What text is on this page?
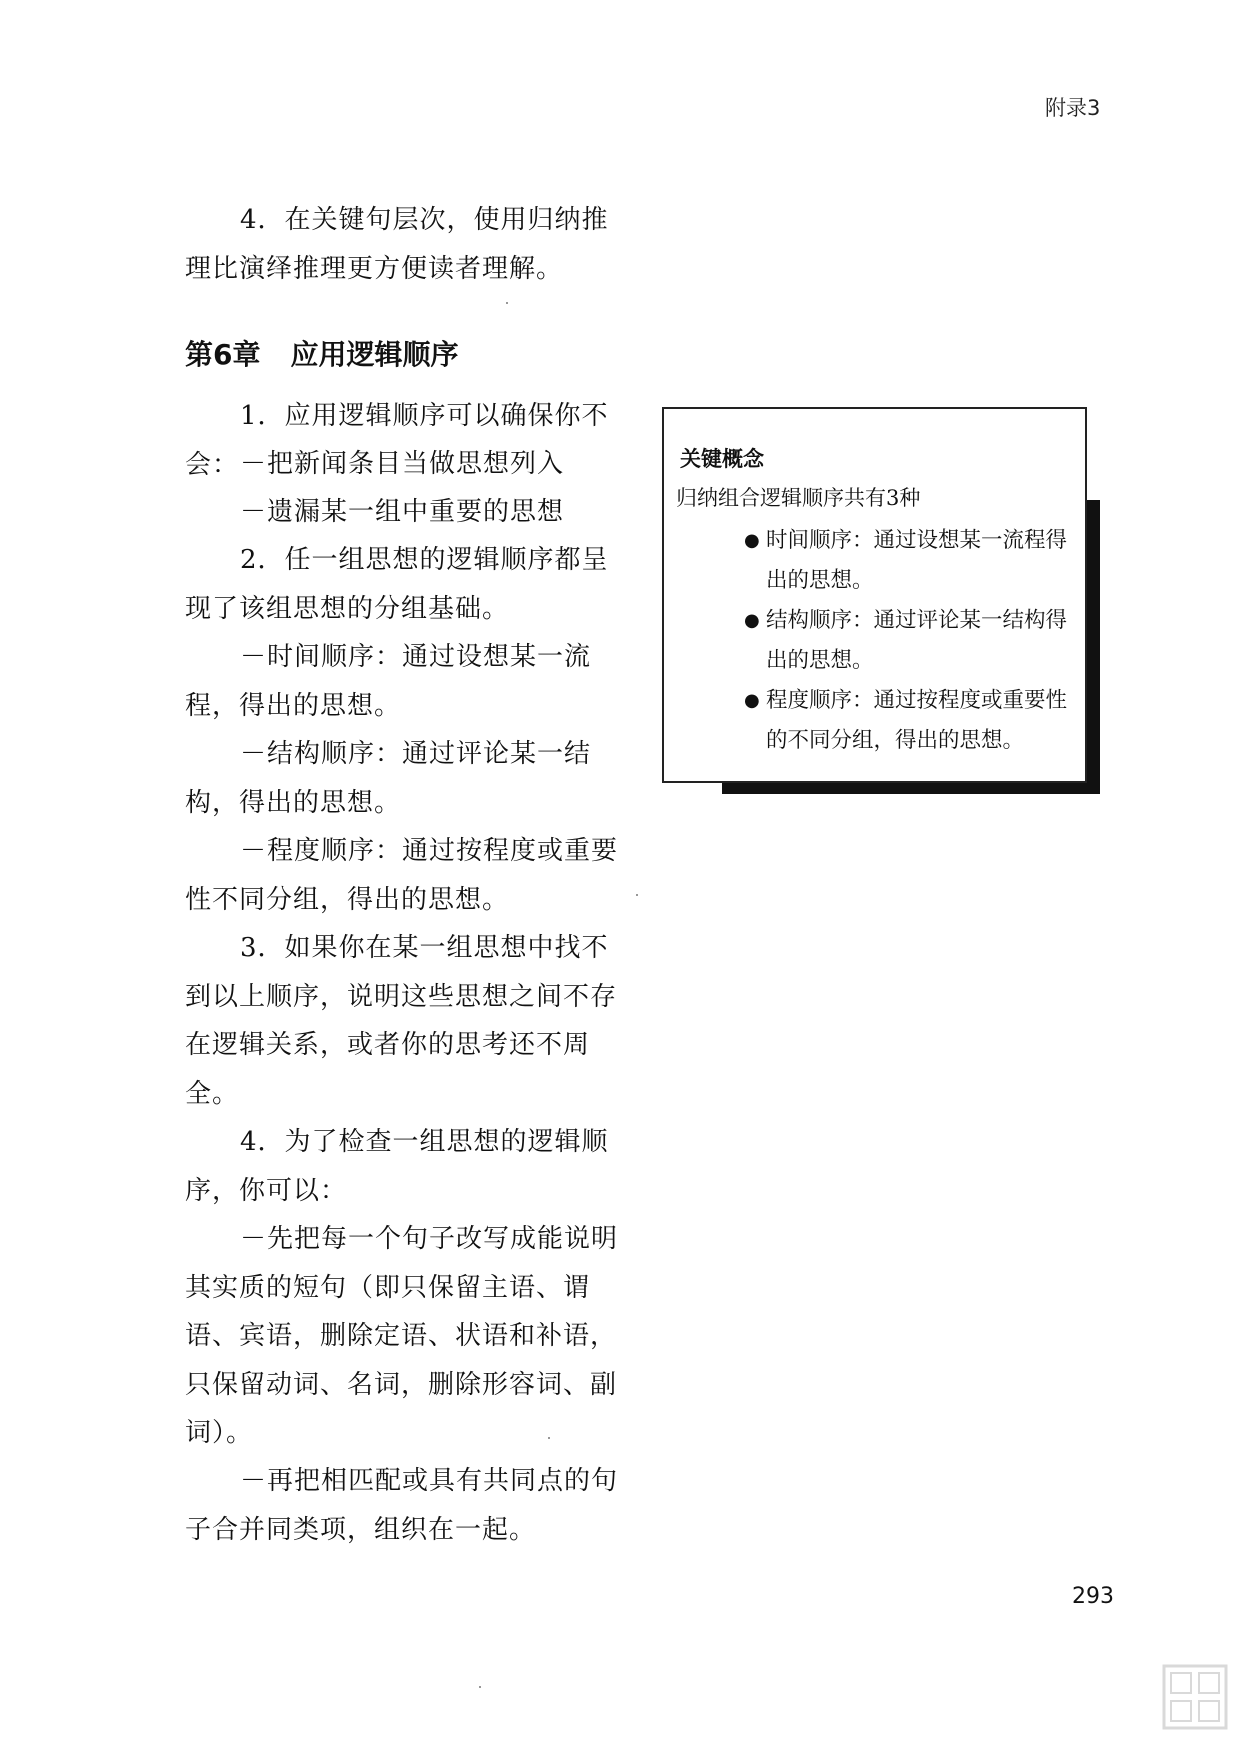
附录3

4．在关键句层次，使用归纳推理比演绎推理更方便读者理解。

第6章 应用逻辑顺序

1．应用逻辑顺序可以确保你不会： －把新闻条目当做思想列入

－遗漏某一组中重要的思想

2．任一组思想的逻辑顺序都呈现了该组思想的分组基础。

－时间顺序：通过设想某一流程，得出的思想。

－结构顺序：通过评论某一结构，得出的思想。

－程度顺序：通过按程度或重要性不同分组，得出的思想。

3．如果你在某一组思想中找不到以上顺序，说明这些思想之间不存在逻辑关系，或者你的思考还不周全。

4．为了检查一组思想的逻辑顺序，你可以：

－先把每一个句子改写成能说明其实质的短句（即只保留主语、谓语、宾语，删除定语、状语和补语，只保留动词、名词，删除形容词、副词）。

－再把相匹配或具有共同点的句子合并同类项，组织在一起。

关键概念
归纳组合逻辑顺序共有3种
● 时间顺序：通过设想某一流程得出的思想。
● 结构顺序：通过评论某一结构得出的思想。
● 程度顺序：通过按程度或重要性的不同分组，得出的思想。
293
